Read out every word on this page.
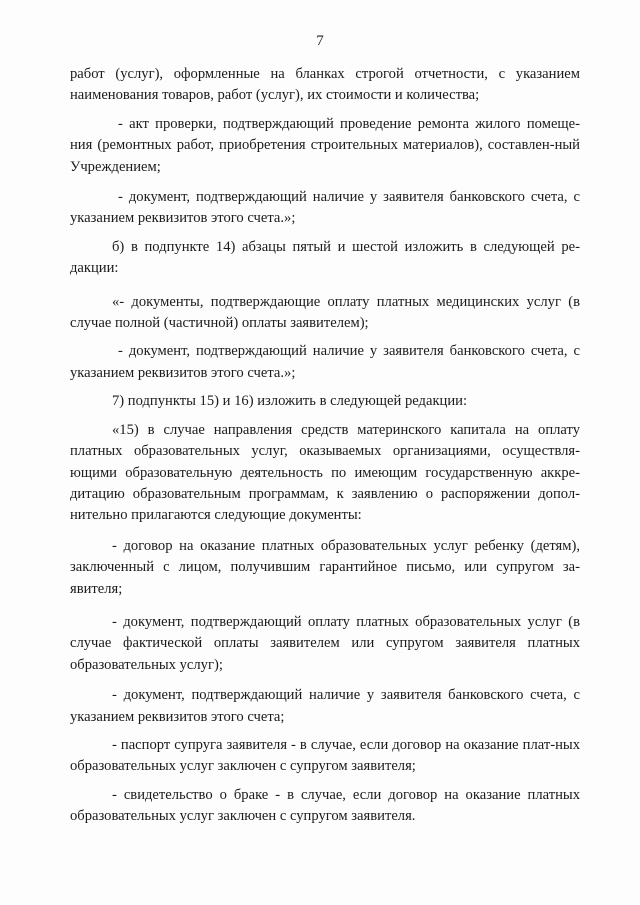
7

работ (услуг), оформленные на бланках строгой отчетности, с указанием наименования товаров, работ (услуг), их стоимости и количества;

- акт проверки, подтверждающий проведение ремонта жилого помеще-ния (ремонтных работ, приобретения строительных материалов), составлен-ный Учреждением;

- документ, подтверждающий наличие у заявителя банковского счета, с указанием реквизитов этого счета.»;

б) в подпункте 14) абзацы пятый и шестой изложить в следующей ре-дакции:

«- документы, подтверждающие оплату платных медицинских услуг (в случае полной (частичной) оплаты заявителем);

- документ, подтверждающий наличие у заявителя банковского счета, с указанием реквизитов этого счета.»;

7) подпункты 15) и 16) изложить в следующей редакции:

«15) в случае направления средств материнского капитала на оплату платных образовательных услуг, оказываемых организациями, осуществля-ющими образовательную деятельность по имеющим государственную аккре-дитацию образовательным программам, к заявлению о распоряжении допол-нительно прилагаются следующие документы:

- договор на оказание платных образовательных услуг ребенку (детям), заключенный с лицом, получившим гарантийное письмо, или супругом за-явителя;

- документ, подтверждающий оплату платных образовательных услуг (в случае фактической оплаты заявителем или супругом заявителя платных образовательных услуг);

- документ, подтверждающий наличие у заявителя банковского счета, с указанием реквизитов этого счета;

- паспорт супруга заявителя - в случае, если договор на оказание плат-ных образовательных услуг заключен с супругом заявителя;

- свидетельство о браке - в случае, если договор на оказание платных образовательных услуг заключен с супругом заявителя.
